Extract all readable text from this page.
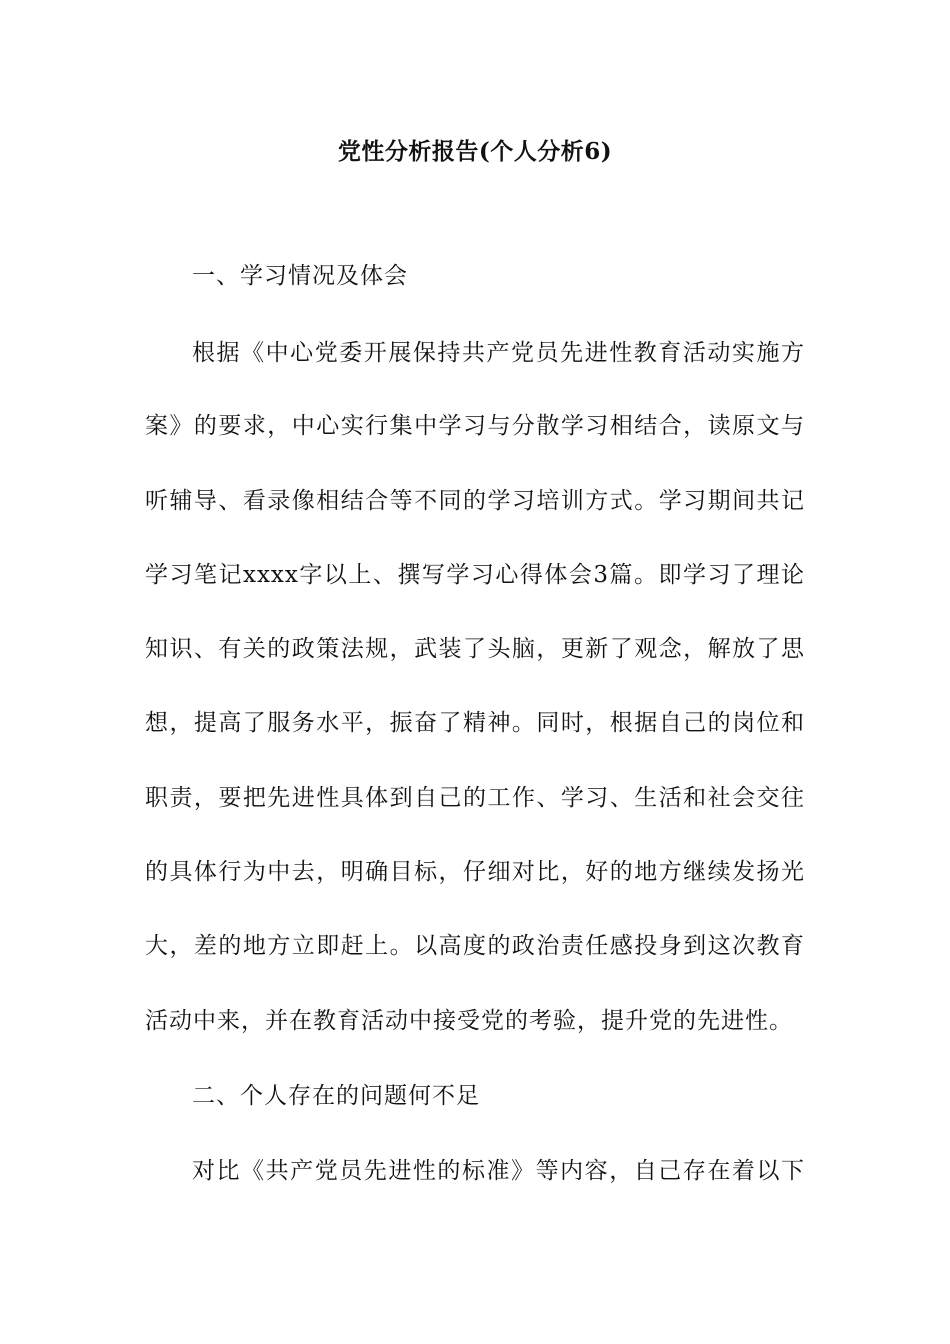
党性分析报告(个人分析6)
一、学习情况及体会
根据《中心党委开展保持共产党员先进性教育活动实施方
案》的要求，中心实行集中学习与分散学习相结合，读原文与
听辅导、看录像相结合等不同的学习培训方式。学习期间共记
学习笔记xxxx字以上、撰写学习心得体会3篇。即学习了理论
知识、有关的政策法规，武装了头脑，更新了观念，解放了思
想，提高了服务水平，振奋了精神。同时，根据自己的岗位和
职责，要把先进性具体到自己的工作、学习、生活和社会交往
的具体行为中去，明确目标，仔细对比，好的地方继续发扬光
大，差的地方立即赶上。以高度的政治责任感投身到这次教育
活动中来，并在教育活动中接受党的考验，提升党的先进性。
二、个人存在的问题何不足
对比《共产党员先进性的标准》等内容，自己存在着以下
